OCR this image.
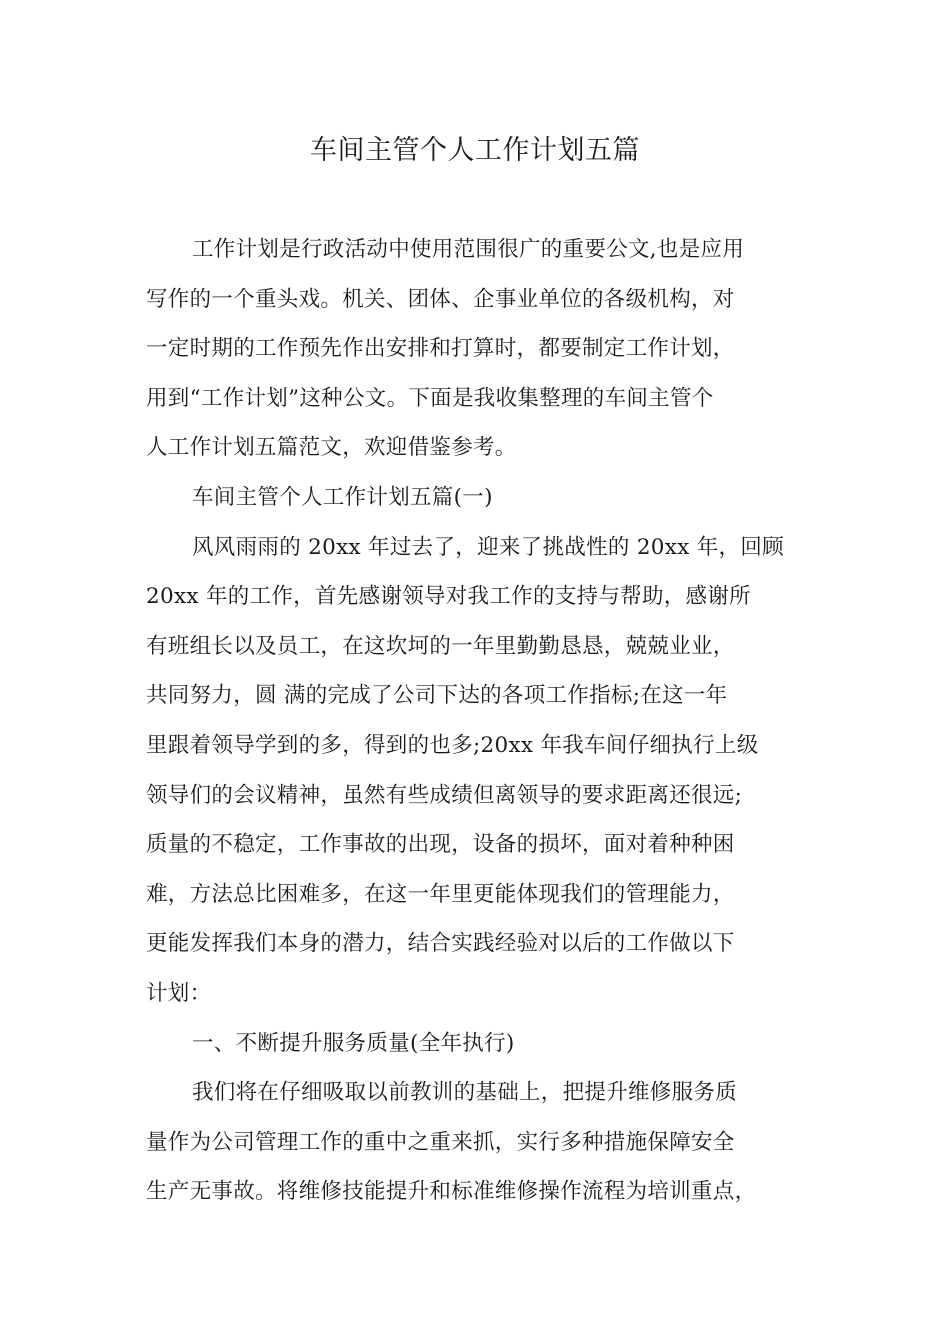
车间主管个人工作计划五篇
工作计划是行政活动中使用范围很广的重要公文,也是应用
写作的一个重头戏。机关、团体、企事业单位的各级机构，对
一定时期的工作预先作出安排和打算时，都要制定工作计划，
用到“工作计划”这种公文。下面是我收集整理的车间主管个
人工作计划五篇范文，欢迎借鉴参考。
车间主管个人工作计划五篇(一)
风风雨雨的 20xx 年过去了，迎来了挑战性的 20xx 年，回顾
20xx 年的工作，首先感谢领导对我工作的支持与帮助，感谢所
有班组长以及员工，在这坎坷的一年里勤勤恳恳，兢兢业业，
共同努力，圆 满的完成了公司下达的各项工作指标;在这一年
里跟着领导学到的多，得到的也多;20xx 年我车间仔细执行上级
领导们的会议精神，虽然有些成绩但离领导的要求距离还很远;
质量的不稳定，工作事故的出现，设备的损坏，面对着种种困
难，方法总比困难多，在这一年里更能体现我们的管理能力，
更能发挥我们本身的潜力，结合实践经验对以后的工作做以下
计划：
一、不断提升服务质量(全年执行)
我们将在仔细吸取以前教训的基础上，把提升维修服务质
量作为公司管理工作的重中之重来抓，实行多种措施保障安全
生产无事故。将维修技能提升和标准维修操作流程为培训重点，
